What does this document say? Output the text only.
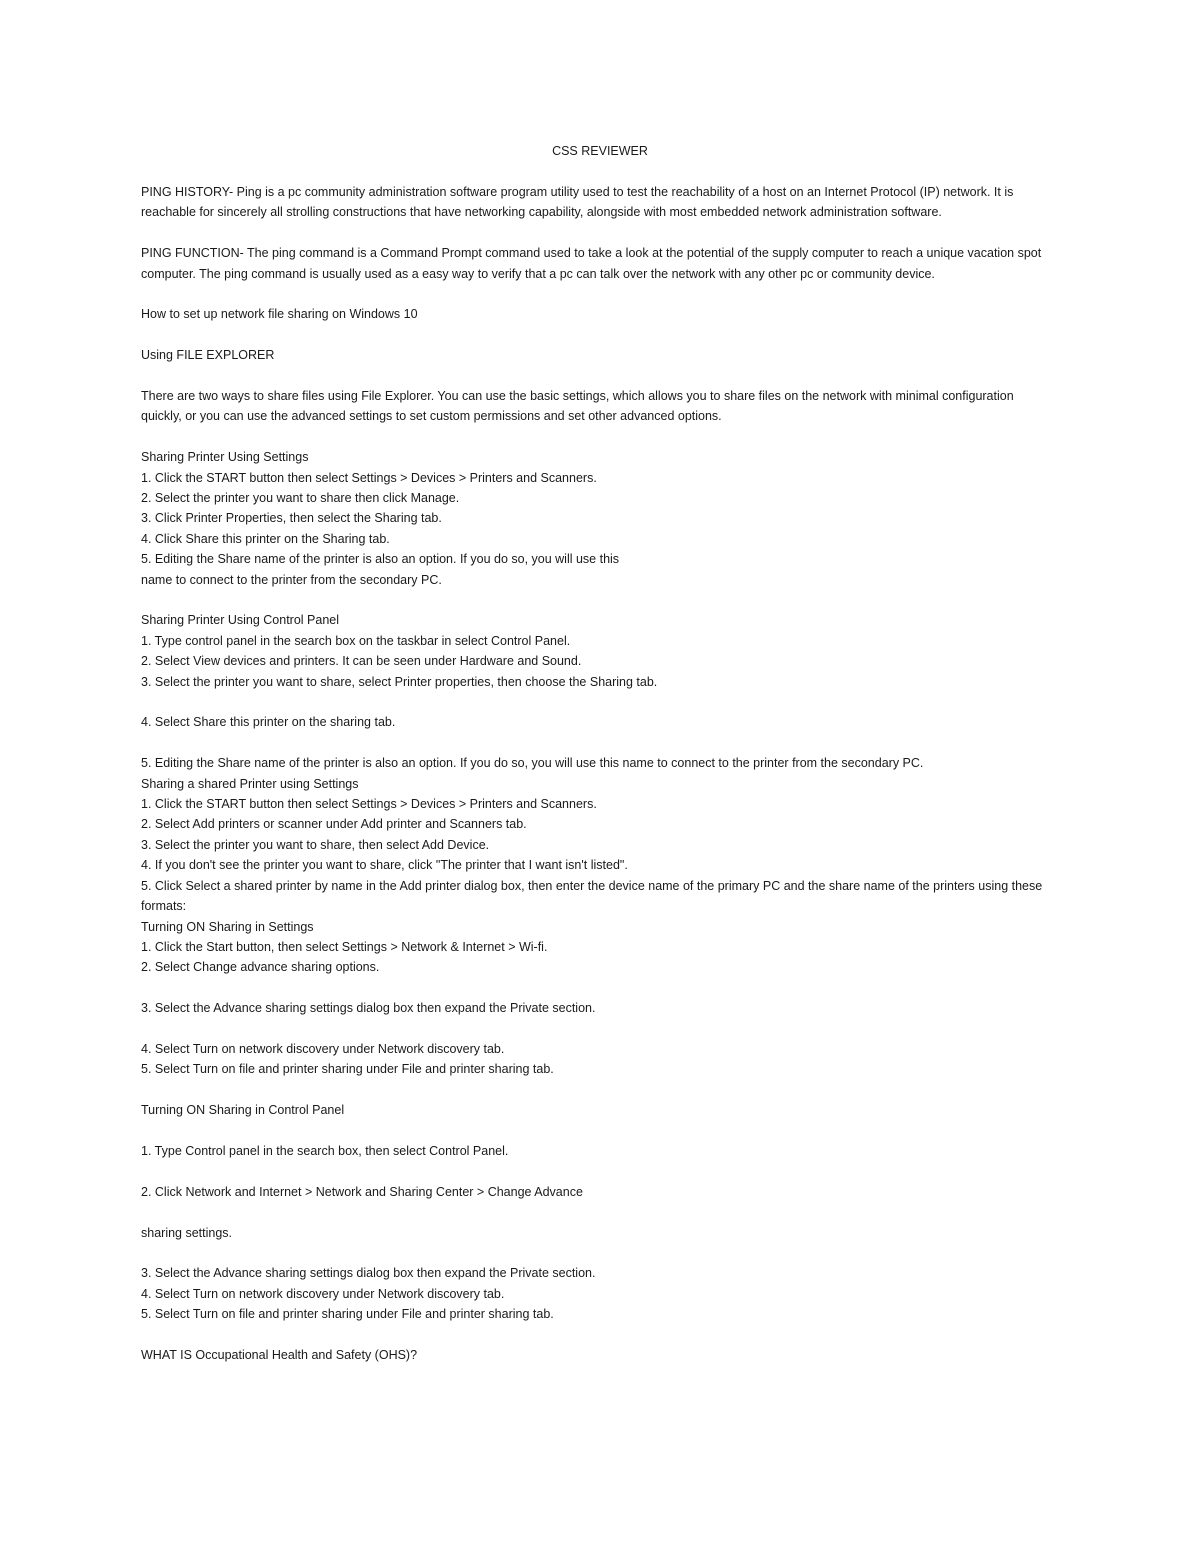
CSS REVIEWER

PING HISTORY- Ping is a pc community administration software program utility used to test the reachability of a host on an Internet Protocol (IP) network. It is reachable for sincerely all strolling constructions that have networking capability, alongside with most embedded network administration software.

PING FUNCTION- The ping command is a Command Prompt command used to take a look at the potential of the supply computer to reach a unique vacation spot computer. The ping command is usually used as a easy way to verify that a pc can talk over the network with any other pc or community device.

How to set up network file sharing on Windows 10

Using FILE EXPLORER

There are two ways to share files using File Explorer. You can use the basic settings, which allows you to share files on the network with minimal configuration quickly, or you can use the advanced settings to set custom permissions and set other advanced options.

Sharing Printer Using Settings

1. Click the START button then select Settings > Devices > Printers and Scanners.

2. Select the printer you want to share then click Manage.

3. Click Printer Properties, then select the Sharing tab.

4. Click Share this printer on the Sharing tab.

5. Editing the Share name of the printer is also an option. If you do so, you will use this

name to connect to the printer from the secondary PC.

Sharing Printer Using Control Panel

1. Type control panel in the search box on the taskbar in select Control Panel.

2. Select View devices and printers. It can be seen under Hardware and Sound.

3. Select the printer you want to share, select Printer properties, then choose the Sharing tab.

4. Select Share this printer on the sharing tab.

5. Editing the Share name of the printer is also an option. If you do so, you will use this name to connect to the printer from the secondary PC.

Sharing a shared Printer using Settings

1. Click the START button then select Settings > Devices > Printers and Scanners.

2. Select Add printers or scanner under Add printer and Scanners tab.

3. Select the printer you want to share, then select Add Device.

4. If you don't see the printer you want to share, click "The printer that I want isn't listed".

5. Click Select a shared printer by name in the Add printer dialog box, then enter the device name of the primary PC and the share name of the printers using these formats:

Turning ON Sharing in Settings

1. Click the Start button, then select Settings > Network & Internet > Wi-fi.

2. Select Change advance sharing options.

3. Select the Advance sharing settings dialog box then expand the Private section.

4. Select Turn on network discovery under Network discovery tab.

5. Select Turn on file and printer sharing under File and printer sharing tab.

Turning ON Sharing in Control Panel

1. Type Control panel in the search box, then select Control Panel.

2. Click Network and Internet > Network and Sharing Center > Change Advance

sharing settings.

3. Select the Advance sharing settings dialog box then expand the Private section.

4. Select Turn on network discovery under Network discovery tab.

5. Select Turn on file and printer sharing under File and printer sharing tab.

WHAT IS Occupational Health and Safety (OHS)?
